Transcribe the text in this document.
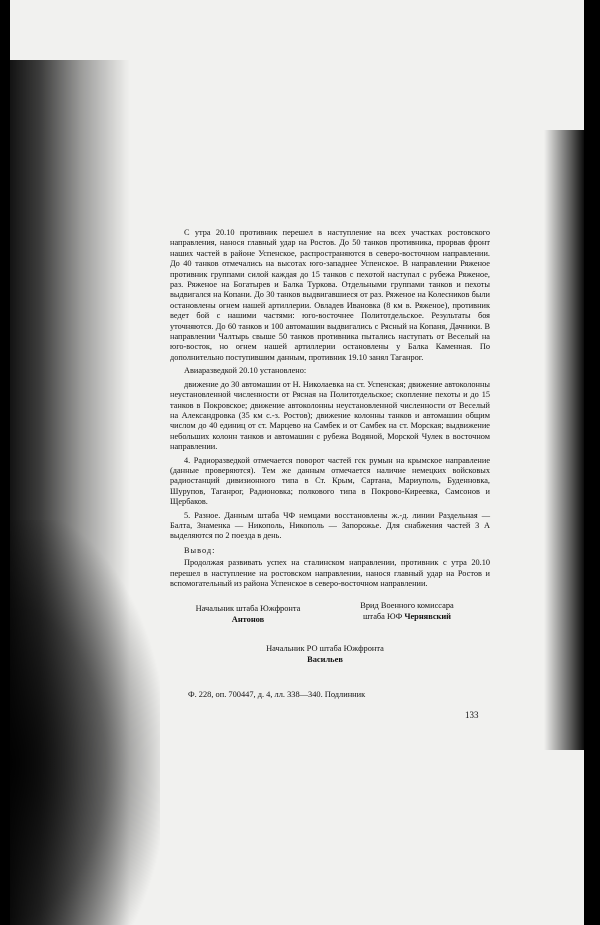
С утра 20.10 противник перешел в наступление на всех участках ростовского направления, нанося главный удар на Ростов. До 50 танков противника, прорвав фронт наших частей в районе Успенское, распространяются в северо-восточном направлении. До 40 танков отмечались на высотах юго-западнее Успенское. В направлении Ряженое противник группами силой каждая до 15 танков с пехотой наступал с рубежа Ряженое, раз. Ряженое на Богатырев и Балка Туркова. Отдельными группами танков и пехоты выдвигался на Копани. До 30 танков выдвигавшиеся от раз. Ряженое на Колесников были остановлены огнем нашей артиллерии. Овладев Ивановка (8 км в. Ряженое), противник ведет бой с нашими частями: юго-восточнее Политотдельское. Результаты боя уточняются. До 60 танков и 100 автомашин выдвигались с Рясный на Копаня, Дачники. В направлении Чалтырь свыше 50 танков противника пытались наступать от Веселый на юго-восток, но огнем нашей артиллерии остановлены у Балка Каменная. По дополнительно поступившим данным, противник 19.10 занял Таганрог.

Авиаразведкой 20.10 установлено:

движение до 30 автомашин от Н. Николаевка на ст. Успенская; движение автоколонны неустановленной численности от Рясная на Политотдельское; скопление пехоты и до 15 танков в Покровское; движение автоколонны неустановленной численности от Веселый на Александровка (35 км с.-з. Ростов); движение колонны танков и автомашин общим числом до 40 единиц от ст. Марцево на Самбек и от Самбек на ст. Морская; выдвижение небольших колонн танков и автомашин с рубежа Водяной, Морской Чулек в восточном направлении.

4. Радиоразведкой отмечается поворот частей гск румын на крымское направление (данные проверяются). Тем же данным отмечается наличие немецких войсковых радиостанций дивизионного типа в Ст. Крым, Сартана, Мариуполь, Буденновка, Шурупов, Таганрог, Радионовка; полкового типа в Покрово-Киреевка, Самсонов и Щербаков.

5. Разное. Данным штаба ЧФ немцами восстановлены ж.-д. линии Раздельная — Балта, Знаменка — Никополь, Никополь — Запорожье. Для снабжения частей 3 А выделяются по 2 поезда в день.

Вывод:

Продолжая развивать успех на сталинском направлении, противник с утра 20.10 перешел в наступление на ростовском направлении, нанося главный удар на Ростов и вспомогательный из района Успенское в северо-восточном направлении.

Начальник штаба Южфронта
Антонов
Врид Военного комиссара
штаба ЮФ Чернявский
Начальник РО штаба Южфронта
Васильев
Ф. 228, оп. 700447, д. 4, лл. 338—340. Подлинник
133
